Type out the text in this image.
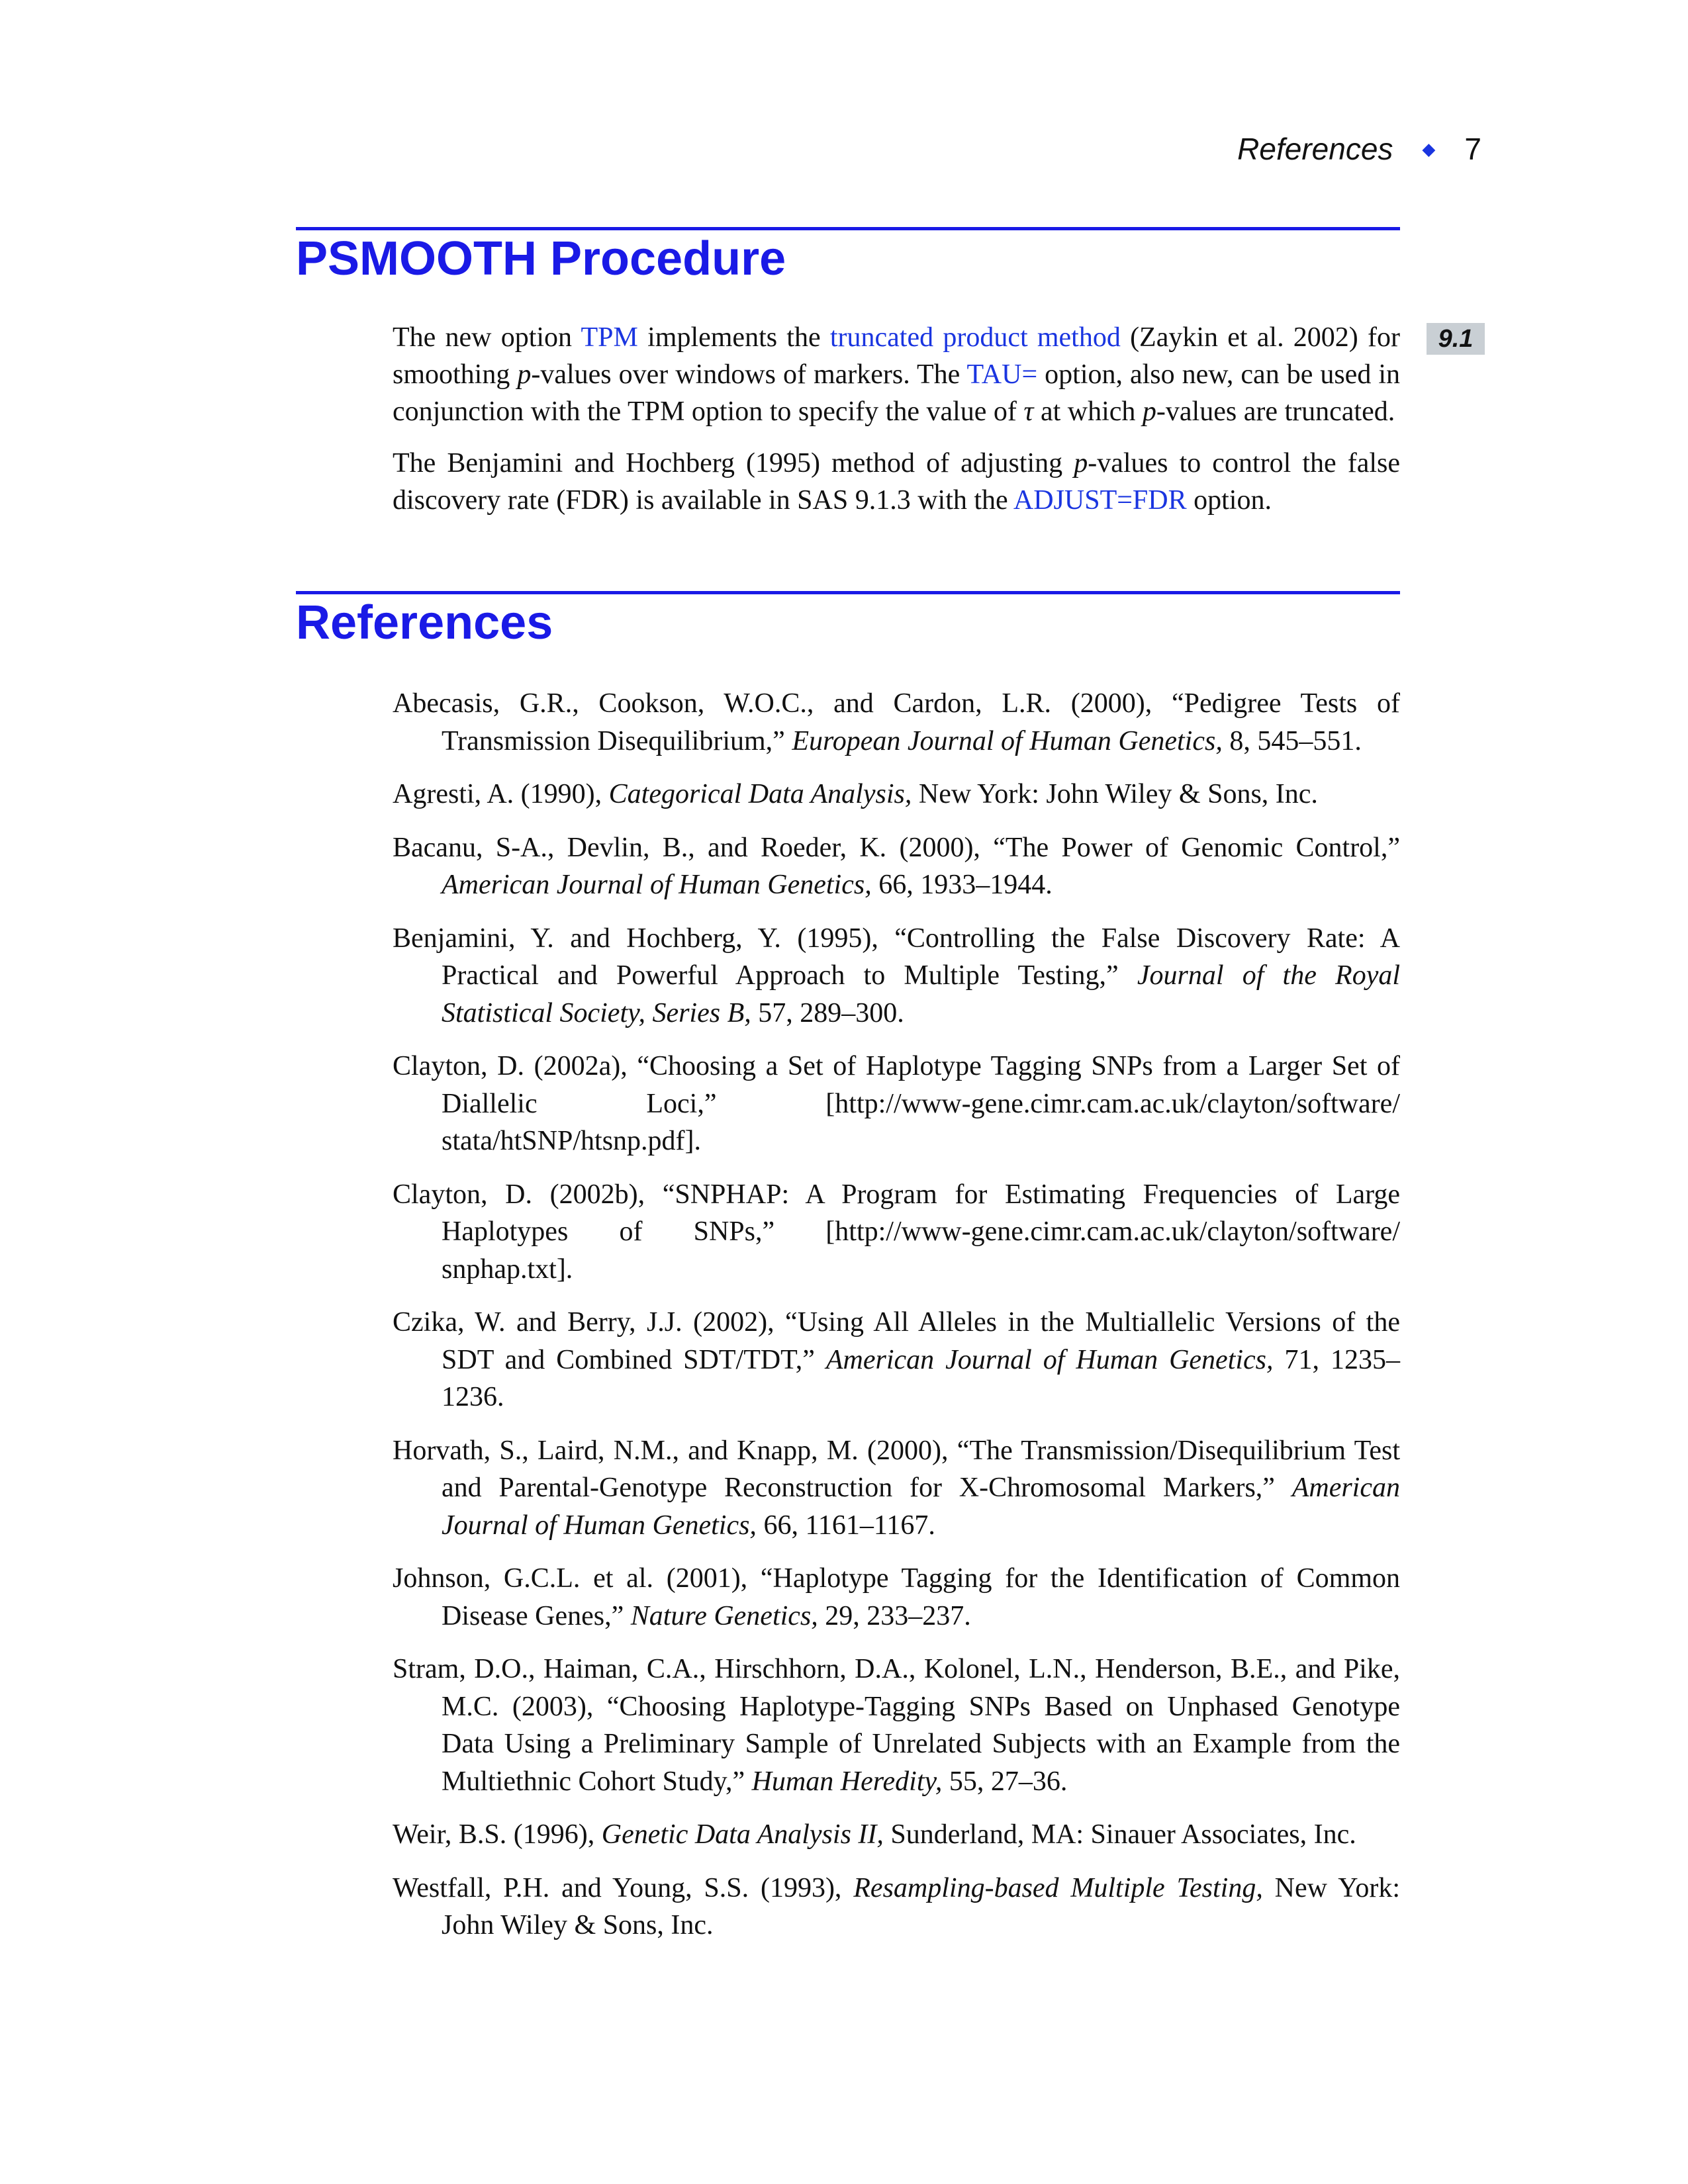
References ◆ 7
PSMOOTH Procedure
9.1

The new option TPM implements the truncated product method (Zaykin et al. 2002) for smoothing p-values over windows of markers. The TAU= option, also new, can be used in conjunction with the TPM option to specify the value of τ at which p-values are truncated.

The Benjamini and Hochberg (1995) method of adjusting p-values to control the false discovery rate (FDR) is available in SAS 9.1.3 with the ADJUST=FDR option.

References

Abecasis, G.R., Cookson, W.O.C., and Cardon, L.R. (2000), “Pedigree Tests of Transmission Disequilibrium,” European Journal of Human Genetics, 8, 545–551.

Agresti, A. (1990), Categorical Data Analysis, New York: John Wiley & Sons, Inc.

Bacanu, S-A., Devlin, B., and Roeder, K. (2000), “The Power of Genomic Control,” American Journal of Human Genetics, 66, 1933–1944.

Benjamini, Y. and Hochberg, Y. (1995), “Controlling the False Discovery Rate: A Practical and Powerful Approach to Multiple Testing,” Journal of the Royal Statistical Society, Series B, 57, 289–300.

Clayton, D. (2002a), “Choosing a Set of Haplotype Tagging SNPs from a Larger Set of Diallelic Loci,” [http://www-gene.cimr.cam.ac.uk/clayton/software/ stata/htSNP/htsnp.pdf].

Clayton, D. (2002b), “SNPHAP: A Program for Estimating Frequencies of Large Haplotypes of SNPs,” [http://www-gene.cimr.cam.ac.uk/clayton/software/ snphap.txt].

Czika, W. and Berry, J.J. (2002), “Using All Alleles in the Multiallelic Versions of the SDT and Combined SDT/TDT,” American Journal of Human Genetics, 71, 1235–1236.

Horvath, S., Laird, N.M., and Knapp, M. (2000), “The Transmission/Disequilibrium Test and Parental-Genotype Reconstruction for X-Chromosomal Markers,” American Journal of Human Genetics, 66, 1161–1167.

Johnson, G.C.L. et al. (2001), “Haplotype Tagging for the Identification of Common Disease Genes,” Nature Genetics, 29, 233–237.

Stram, D.O., Haiman, C.A., Hirschhorn, D.A., Kolonel, L.N., Henderson, B.E., and Pike, M.C. (2003), “Choosing Haplotype-Tagging SNPs Based on Unphased Genotype Data Using a Preliminary Sample of Unrelated Subjects with an Example from the Multiethnic Cohort Study,” Human Heredity, 55, 27–36.

Weir, B.S. (1996), Genetic Data Analysis II, Sunderland, MA: Sinauer Associates, Inc.

Westfall, P.H. and Young, S.S. (1993), Resampling-based Multiple Testing, New York: John Wiley & Sons, Inc.
